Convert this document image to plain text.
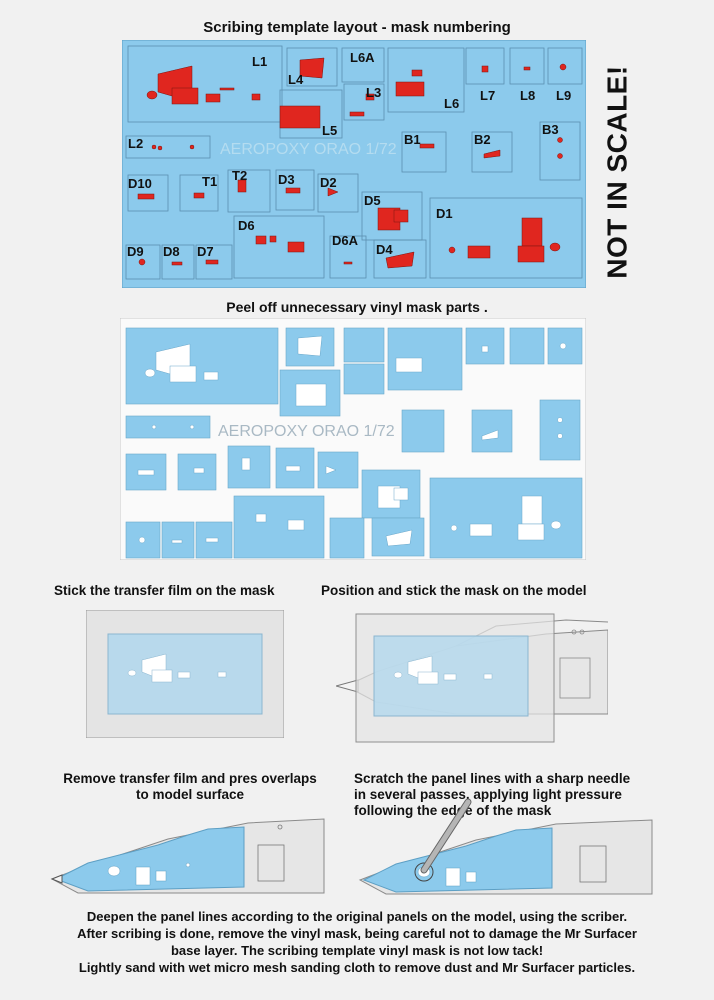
Scribing template layout - mask numbering
AEROPOXY ORAO 1/72
L1
L4
L6A
L3
L5
L6
L7 L8 L9
L2	B1	B2
B3
D10	T1 T2 D3 D2
D5
D1
D6
D6A
D4
D9 D8 D7	NOT IN SCALE!
Peel off unnecessary vinyl mask parts .
AEROPOXY ORAO 1/72
Stick the transfer film on the mask	Position and stick the mask on the model
Remove transfer film and pres overlaps
to model surface
Scratch the panel lines with a sharp needle
in several passes, applying light pressure
following the edge of the mask
Deepen the panel lines according to the original panels on the model, using the scriber.
After scribing is done, remove the vinyl mask, being careful not to damage the Mr Surfacer
base layer. The scribing template vinyl mask is not low tack!
Lightly sand with wet micro mesh sanding cloth to remove dust and Mr Surfacer particles.
